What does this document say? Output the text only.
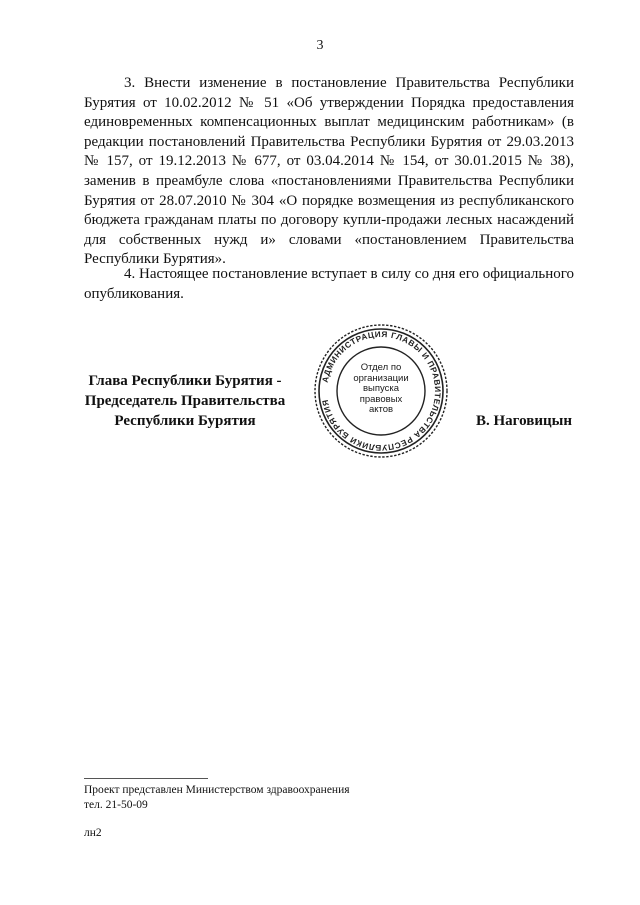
3

3. Внести изменение в постановление Правительства Республики Бурятия от 10.02.2012 № 51 «Об утверждении Порядка предоставления единовременных компенсационных выплат медицинским работникам» (в редакции постановлений Правительства Республики Бурятия от 29.03.2013 № 157, от 19.12.2013 № 677, от 03.04.2014 № 154, от 30.01.2015 № 38), заменив в преамбуле слова «постановлениями Правительства Республики Бурятия от 28.07.2010 № 304 «О порядке возмещения из республиканского бюджета гражданам платы по договору купли-продажи лесных насаждений для собственных нужд и» словами «постановлением Правительства Республики Бурятия».

4. Настоящее постановление вступает в силу со дня его официального опубликования.

Глава Республики Бурятия -
Председатель Правительства
Республики Бурятия
АДМИНИСТРАЦИЯ ГЛАВЫ И ПРАВИТЕЛЬСТВА РЕСПУБЛИКИ БУРЯТИЯ
Отдел по
организации
выпуска
правовых
актов
В. Наговицын
Проект представлен Министерством здравоохранения
тел. 21-50-09
лн2
